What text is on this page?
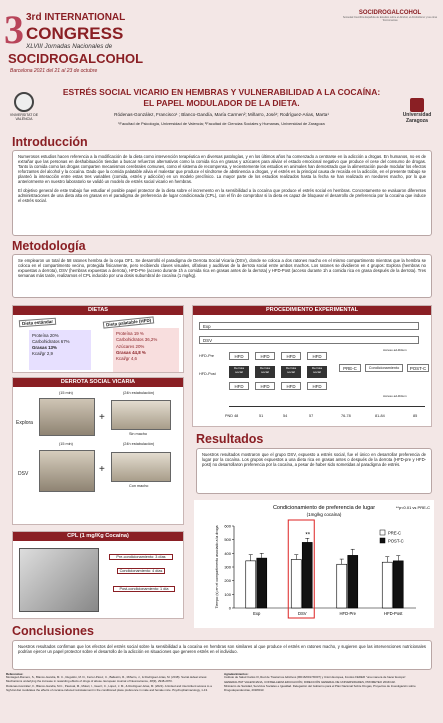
3 3rd INTERNATIONAL
CONGRESS
XLVIII Jornadas Nacionales de
SOCIDROGALCOHOL
Barcelona 2021 del 21 al 23 de octubre
SOCIDROGALCOHOL
Sociedad Científica Española de Estudios sobre el Alcohol, el Alcoholismo y las otras Toxicomanías
VNIVERSITAT DE VALÈNCIA
Universidad Zaragoza
ESTRÉS SOCIAL VICARIO EN HEMBRAS Y VULNERABILIDAD A LA COCAÍNA:
EL PAPEL MODULADOR DE LA DIETA.
Ródenas-González, Francisco¹ ; Blanco-Gandía, María Carmen²; Miñarro, José¹; Rodríguez-Arias, Marta¹
¹Facultad de Psicología, Universidad de Valencia; ²Facultad de Ciencias Sociales y Humanas, Universidad de Zaragoza
Introducción

Numerosos estudios hacen referencia a la modificación de la dieta como intervención terapéutica en diversas patologías, y en los últimos años ha comenzado a centrarse en la adicción a drogas. En humanos, no es de extrañar que las personas en deshabituación tiendan a buscar refuerzos alternativos como la comida rica en grasas y azúcares para aliviar el estado emocional negativo que produce el cese del consumo de drogas. Tanto la comida como las drogas comparten mecanismos cerebrales comunes, como el sistema de recompensa, y recientemente los estudios en animales han demostrado que la alimentación puede modular los efectos reforzantes del alcohol y la cocaína. Dado que la comida palatable alivia el malestar que produce el síndrome de abstinencia a drogas, y el estrés es la principal causa de recaída en la adicción, en el presente trabajo se planteó la interacción entre estas tres variables (comida, estrés y adicción) en un modelo preclínico. La mayor parte de los estudios realizados hasta la fecha se han realizado en roedores macho, por lo que anteriormente en nuestro laboratorio se validó un modelo de estrés social vicario en hembras.

El objetivo general de este trabajo fue estudiar el posible papel protector de la dieta sobre el incremento en la sensibilidad a la cocaína que produce el estrés social en hembras. Concretamente se evaluaron diferentes administraciones de una dieta alta en grasas en el paradigma de preferencia de lugar condicionada (CPL), con el fin de comprobar si la dieta es capaz de bloquear el desarrollo de preferencia por la cocaína que induce el estrés social.

Metodología

Se emplearon un total de 58 ratones hembra de la cepa OF1. Se desarrolló el paradigma de Derrota Social Vicaria (DSV), donde se coloca a dos ratones macho en el mismo compartimento mientras que la hembra se coloca en el compartimento vecino, protegida físicamente, pero recibiendo claves visuales, olfativas y auditivas de la derrota social entre ambos machos. Los ratones se dividieron en 4 grupos: Explora (hembras no expuestas a derrota), DSV (hembras expuestas a derrota), HFD-Pre (acceso durante 1h a comida rica en grasas antes de la derrota) y HFD-Post (acceso durante 1h a comida rica en grasa después de la derrota). Tres semanas más tarde, realizamos el CPL inducido por una dosis subumbral de cocaína (1 mg/kg).

DIETAS
Dieta estándar
Proteína 20%
Carbohidratos 67%
Grasas 13%
Kcal/gr 2,9
Dieta palatable (HFD)
Proteína 19 %
Carbohidratos 36,2%
Azúcares 20%
Grasas 44,8 %
Kcal/gr 4,6
DERROTA SOCIAL VICARIA
(15 min)	(24h estabulación)
Explora	+
Sin macho
(15 min)	(24h estabulación)
DSV	+
Con macho
CPL (1 mg/Kg Cocaína)
Pre-condicionamiento: 3 días
Condicionamiento: 4 días
Post-condicionamiento: 1 día
PROCEDIMIENTO EXPERIMENTAL
Exp
DSV
HFD-Pre
HFD-Post
HFD	HFD	HFD	HFD
Derrota social
Derrota social
Derrota social
Derrota social
HFD	HFD	HFD	HFD
PRE-C	Condicionamiento	POST-C
Acceso ad-libitum
Acceso ad-libitum
PND 48	51	54	57	76-78	81-84	85
Resultados

Nuestros resultados mostraron que el grupo DSV, expuesto a estrés social, fue el único en desarrollar preferencia de lugar por la cocaína. Los grupos expuestos a una dieta rica en grasas antes o después de la derrota (HFD-pre y HFD-post) no desarrollaron preferencia por la cocaína, a pesar de haber sido sometidas al paradigma de estrés.

Condicionamiento de preferencia de lugar
(1mg/kg cocaína)
**p<0.01 vs PRE-C
0
100
200
300
400
500
600
Tiempo (s) en el compartimento asociado a la droga
Exp	DSV	HFD-Pre	HFD-Post
**	PRE-C
POST-C
Conclusiones

Nuestros resultados confirman que los efectos del estrés social sobre la sensibilidad a la cocaína en hembras son similares al que produce el estrés en ratones macho, y sugieren que las intervenciones nutricionales podrían ejercer un papel protector sobre el desarrollo de la adicción en situaciones que generen estrés en el individuo.

Referencias:
Montagud-Romero, S., Blanco-Gandía, M. C., Reguilón, M. D., Ferrer-Pérez, C., Ballestín, R., Miñarro, J., & Rodríguez-Arias, M. (2018). Social defeat stress: Mechanisms underlying the increase in rewarding effects of drugs of abuse. European Journal of Neuroscience, 48(9), 2948-2970.
Ródenas-González, F., Blanco-Gandía, M.C., Pascual, M., Molari, I., Guerri, C., López, J. M., & Rodríguez-Arias, M. (2021). A limited and intermittent access to a high-fat diet modulates the effects of cocaine-induced reinstatement in the conditioned place preference in male and female mice. Psychopharmacology, 1-13.
Agradecimientos:
Instituto de Salud Carlos III, Red de Trastornos Adictivos (RD16/0017/0007) y Unión Europea, Fondos FEDER "una manera de hacer Europa".
GENERALITAT VALENCIANA, CONSELLERIA EDUCACIÓN, DIRECCIÓN GENERAL DE UNIVERSIDADES, PROMETEO 2016/102.
Ministerio de Sanidad, Servicios Sociales e Igualdad. Delegación del Gobierno para el Plan Nacional Sobre Drogas, Proyectos de Investigación sobre Drogodependencias, 2018I013.
